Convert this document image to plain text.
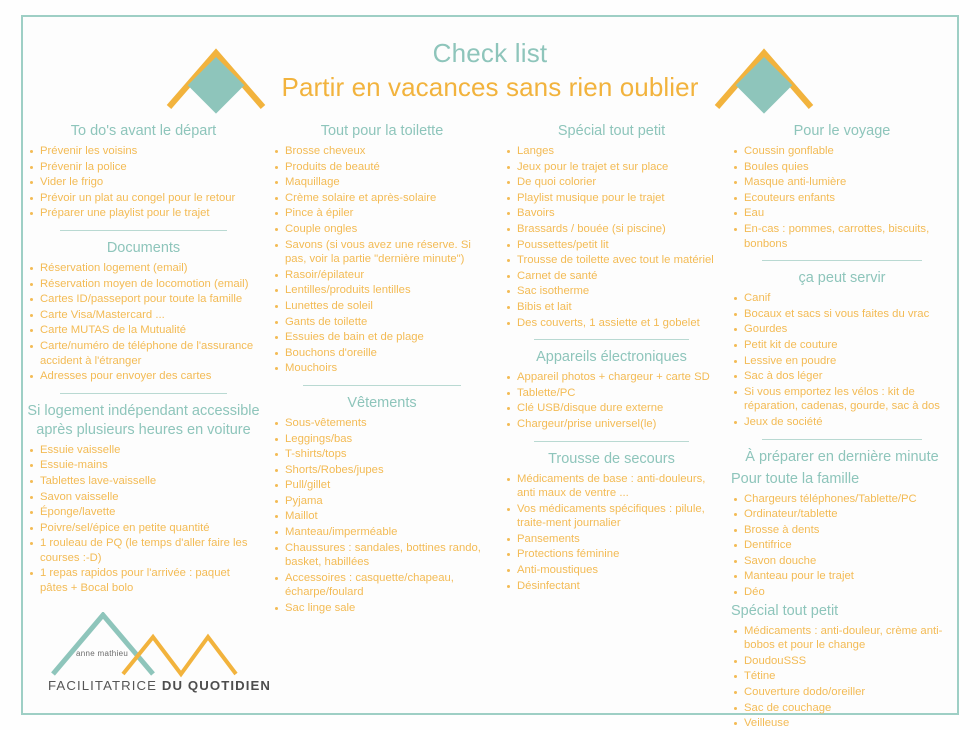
Check list
Partir en vacances sans rien oublier
To do's avant le départ
Prévenir les voisins
Prévenir la police
Vider le frigo
Prévoir un plat au congel pour le retour
Préparer une playlist pour le trajet
Documents
Réservation logement (email)
Réservation moyen de locomotion (email)
Cartes ID/passeport pour toute la famille
Carte Visa/Mastercard ...
Carte MUTAS de la Mutualité
Carte/numéro de téléphone de l'assurance accident à l'étranger
Adresses pour envoyer des cartes
Si logement indépendant accessible après plusieurs heures en voiture
Essuie vaisselle
Essuie-mains
Tablettes lave-vaisselle
Savon vaisselle
Éponge/lavette
Poivre/sel/épice en petite quantité
1 rouleau de PQ (le temps d'aller faire les courses :-D)
1 repas rapidos pour l'arrivée : paquet pâtes + Bocal bolo
Tout pour la toilette
Brosse cheveux
Produits de beauté
Maquillage
Crème solaire et après-solaire
Pince à épiler
Couple ongles
Savons (si vous avez une réserve. Si pas, voir la partie "dernière minute")
Rasoir/épilateur
Lentilles/produits lentilles
Lunettes de soleil
Gants de toilette
Essuies de bain et de plage
Bouchons d'oreille
Mouchoirs
Vêtements
Sous-vêtements
Leggings/bas
T-shirts/tops
Shorts/Robes/jupes
Pull/gillet
Pyjama
Maillot
Manteau/imperméable
Chaussures : sandales, bottines rando, basket, habillées
Accessoires : casquette/chapeau, écharpe/foulard
Sac linge sale
Spécial tout petit
Langes
Jeux pour le trajet et sur place
De quoi colorier
Playlist musique pour le trajet
Bavoirs
Brassards / bouée (si piscine)
Poussettes/petit lit
Trousse de toilette avec tout le matériel
Carnet de santé
Sac isotherme
Bibis et lait
Des couverts, 1 assiette et 1 gobelet
Appareils électroniques
Appareil photos + chargeur + carte SD
Tablette/PC
Clé USB/disque dure externe
Chargeur/prise universel(le)
Trousse de secours
Médicaments de base : anti-douleurs, anti maux de ventre ...
Vos médicaments spécifiques : pilule, traite-ment journalier
Pansements
Protections féminine
Anti-moustiques
Désinfectant
Pour le voyage
Coussin gonflable
Boules quies
Masque anti-lumière
Ecouteurs enfants
Eau
En-cas : pommes, carrottes, biscuits, bonbons
ça peut servir
Canif
Bocaux et sacs si vous faites du vrac
Gourdes
Petit kit de couture
Lessive en poudre
Sac à dos léger
Si vous emportez les vélos : kit de réparation, cadenas, gourde, sac à dos
Jeux de société
À préparer en dernière minute
Pour toute la famille
Chargeurs téléphones/Tablette/PC
Ordinateur/tablette
Brosse à dents
Dentifrice
Savon douche
Manteau pour le trajet
Déo
Spécial tout petit
Médicaments : anti-douleur, crème anti-bobos et pour le change
DoudouSSS
Tétine
Couverture dodo/oreiller
Sac de couchage
Veilleuse
anne mathieu
FACILITATRICE DU QUOTIDIEN
